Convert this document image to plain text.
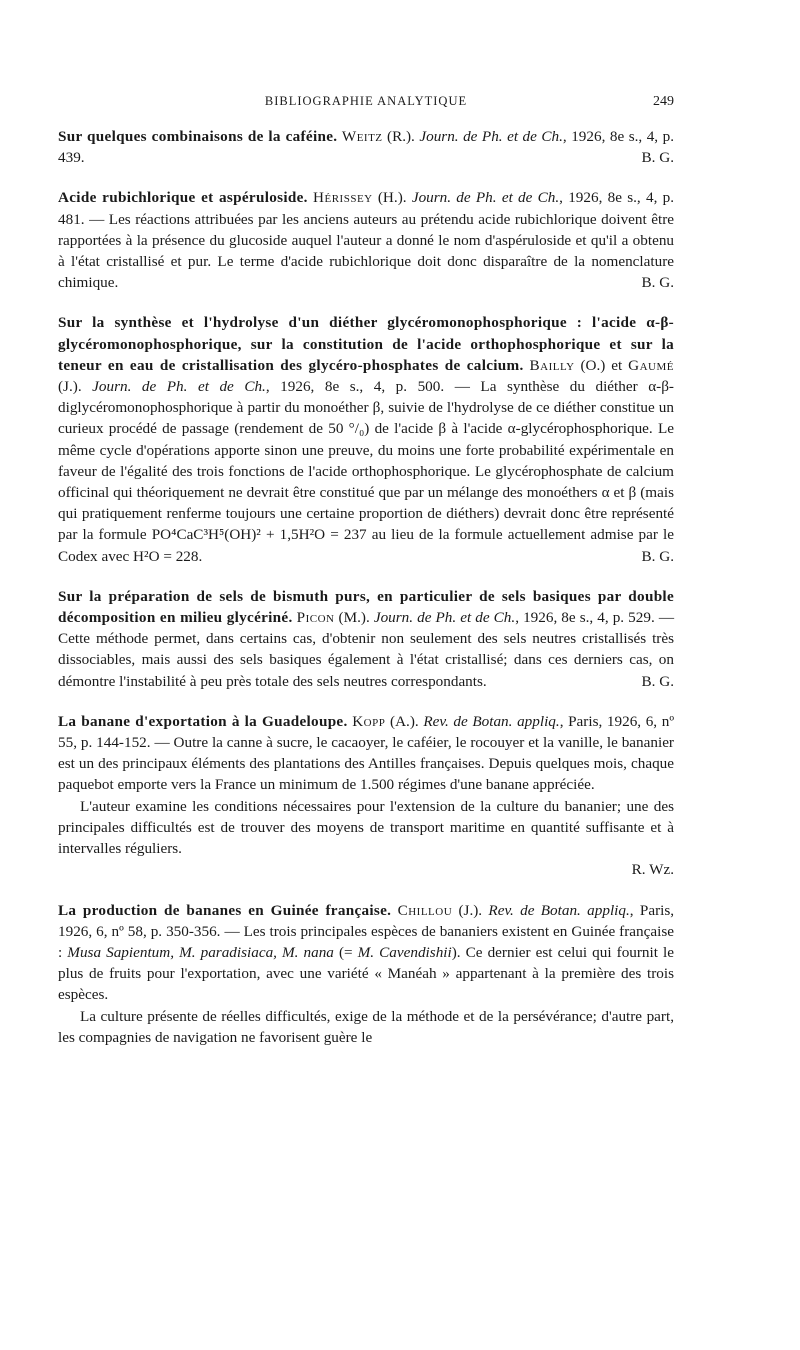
BIBLIOGRAPHIE ANALYTIQUE	249

Sur quelques combinaisons de la caféine. Weitz (R.). Journ. de Ph. et de Ch., 1926, 8e s., 4, p. 439.	B. G.

Acide rubichlorique et aspéruloside. Hérissey (H.). Journ. de Ph. et de Ch., 1926, 8e s., 4, p. 481. — Les réactions attribuées par les anciens auteurs au prétendu acide rubichlorique doivent être rapportées à la présence du glucoside auquel l'auteur a donné le nom d'aspéruloside et qu'il a obtenu à l'état cristallisé et pur. Le terme d'acide rubichlorique doit donc disparaître de la nomenclature chimique.	B. G.

Sur la synthèse et l'hydrolyse d'un diéther glycéromonophosphorique : l'acide α-β-glycéromonophosphorique, sur la constitution de l'acide orthophosphorique et sur la teneur en eau de cristallisation des glycéro-phosphates de calcium. Bailly (O.) et Gaumé (J.). Journ. de Ph. et de Ch., 1926, 8e s., 4, p. 500. — La synthèse du diéther α-β-diglycéromonophosphorique à partir du monoéther β, suivie de l'hydrolyse de ce diéther constitue un curieux procédé de passage (rendement de 50 °/₀) de l'acide β à l'acide α-glycérophosphorique. Le même cycle d'opérations apporte sinon une preuve, du moins une forte probabilité expérimentale en faveur de l'égalité des trois fonctions de l'acide orthophosphorique. Le glycérophosphate de calcium officinal qui théoriquement ne devrait être constitué que par un mélange des monoéthers α et β (mais qui pratiquement renferme toujours une certaine proportion de diéthers) devrait donc être représenté par la formule PO⁴CaC³H⁵(OH)² + 1,5H²O = 237 au lieu de la formule actuellement admise par le Codex avec H²O = 228.	B. G.

Sur la préparation de sels de bismuth purs, en particulier de sels basiques par double décomposition en milieu glycériné. Picon (M.). Journ. de Ph. et de Ch., 1926, 8e s., 4, p. 529. — Cette méthode permet, dans certains cas, d'obtenir non seulement des sels neutres cristallisés très dissociables, mais aussi des sels basiques également à l'état cristallisé; dans ces derniers cas, on démontre l'instabilité à peu près totale des sels neutres correspondants.	B. G.

La banane d'exportation à la Guadeloupe. Kopp (A.). Rev. de Botan. appliq., Paris, 1926, 6, nº 55, p. 144-152. — Outre la canne à sucre, le cacaoyer, le caféier, le rocouyer et la vanille, le bananier est un des principaux éléments des plantations des Antilles françaises. Depuis quelques mois, chaque paquebot emporte vers la France un minimum de 1.500 régimes d'une banane appréciée.

L'auteur examine les conditions nécessaires pour l'extension de la culture du bananier; une des principales difficultés est de trouver des moyens de transport maritime en quantité suffisante et à intervalles réguliers.

R. Wz.

La production de bananes en Guinée française. Chillou (J.). Rev. de Botan. appliq., Paris, 1926, 6, nº 58, p. 350-356. — Les trois principales espèces de bananiers existent en Guinée française : Musa Sapientum, M. paradisiaca, M. nana (= M. Cavendishii). Ce dernier est celui qui fournit le plus de fruits pour l'exportation, avec une variété « Manéah » appartenant à la première des trois espèces.

La culture présente de réelles difficultés, exige de la méthode et de la persévérance; d'autre part, les compagnies de navigation ne favorisent guère le
